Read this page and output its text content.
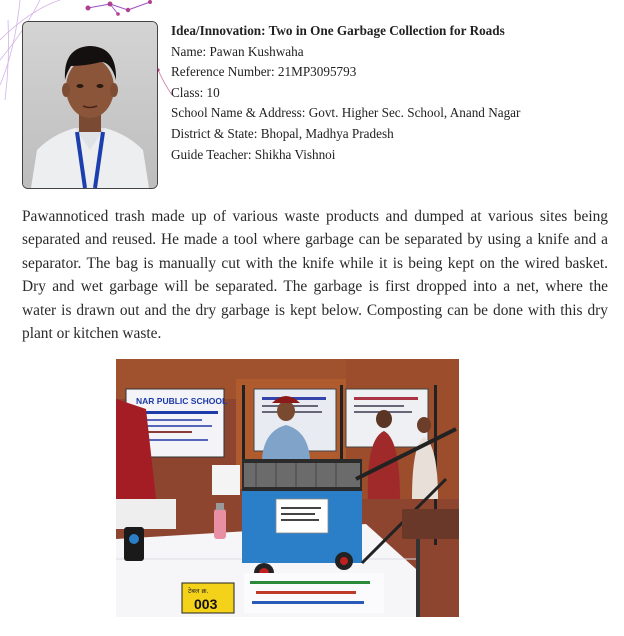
Idea/Innovation: Two in One Garbage Collection for Roads
Name: Pawan Kushwaha
Reference Number: 21MP3095793
Class: 10
School Name & Address: Govt. Higher Sec. School, Anand Nagar
District & State: Bhopal, Madhya Pradesh
Guide Teacher: Shikha Vishnoi
Pawannoticed trash made up of various waste products and dumped at various sites being
separated and reused. He made a tool where garbage can be separated by using a knife and a
separator. The bag is manually cut with the knife while it is being kept on the wired basket.
Dry and wet garbage will be separated. The garbage is first dropped into a net, where the
water is drawn out and the dry garbage is kept below. Composting can be done with this dry
plant or kitchen waste.
NAR PUBLIC SCHOOL
टेबल क्र.
003
